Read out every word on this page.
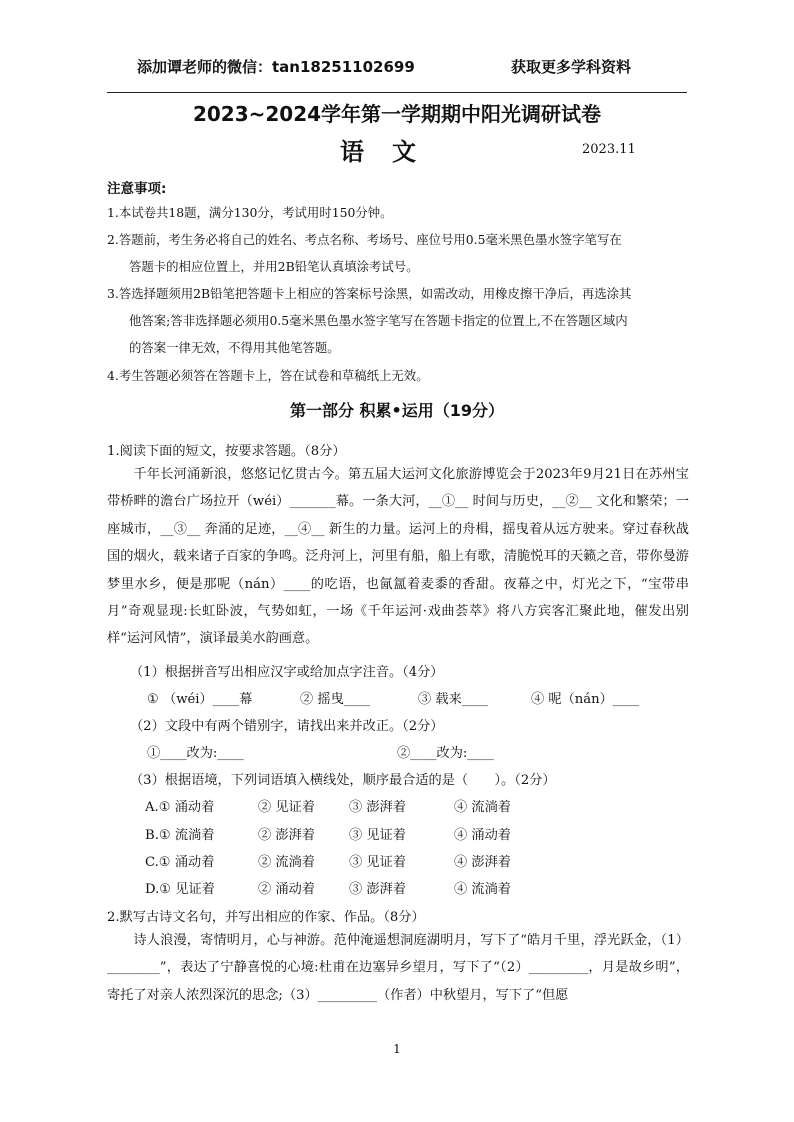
添加谭老师的微信：tan18251102699	获取更多学科资料
2023~2024学年第一学期期中阳光调研试卷
语文	2023.11
注意事项:
1.本试卷共18题，满分130分，考试用时150分钟。
2.答题前，考生务必将自己的姓名、考点名称、考场号、座位号用0.5毫米黑色墨水签字笔写在
答题卡的相应位置上，并用2B铅笔认真填涂考试号。
3.答选择题须用2B铅笔把答题卡上相应的答案标号涂黑，如需改动，用橡皮擦干净后，再选涂其
他答案;答非选择题必须用0.5毫米黑色墨水签字笔写在答题卡指定的位置上,不在答题区域内
的答案一律无效，不得用其他笔答题。
4.考生答题必须答在答题卡上，答在试卷和草稿纸上无效。
第一部分 积累•运用（19分）
1.阅读下面的短文，按要求答题。（8分）

千年长河涌新浪，悠悠记忆贯古今。第五届大运河文化旅游博览会于2023年9月21日在苏州宝带桥畔的澹台广场拉开（wéi）_______幕。一条大河，__①__ 时间与历史，__②__ 文化和繁荣；一座城市，__③__ 奔涌的足迹，__④__ 新生的力量。运河上的舟楫，摇曳着从远方驶来。穿过春秋战国的烟火，载来诸子百家的争鸣。泛舟河上，河里有船，船上有歌，清脆悦耳的天籁之音，带你曼游梦里水乡，便是那呢（nán）____的吃语，也氤氲着麦黍的香甜。夜幕之中，灯光之下，“宝带串月”奇观显现:长虹卧波，气势如虹，一场《千年运河·戏曲荟萃》将八方宾客汇聚此地，催发出别样“运河风情”，演译最美水韵画意。

（1）根据拼音写出相应汉字或给加点字注音。（4分）
① （wéi）____幕	② 摇曳____	③ 载来____	④ 呢（nán）____
（2）文段中有两个错别字，请找出来并改正。（2分）
①____改为:____	②____改为:____
（3）根据语境，下列词语填入横线处，顺序最合适的是（　　）。（2分）
A.① 涌动着	② 见证着	③ 澎湃着	④ 流淌着
B.① 流淌着	② 澎湃着	③ 见证着	④ 涌动着
C.① 涌动着	② 流淌着	③ 见证着	④ 澎湃着
D.① 见证着	② 涌动着	③ 澎湃着	④ 流淌着
2.默写古诗文名句，并写出相应的作家、作品。（8分）

诗人浪漫，寄情明月，心与神游。范仲淹遥想洞庭湖明月，写下了“皓月千里，浮光跃金，（1）________”，表达了宁静喜悦的心境:杜甫在边塞异乡望月，写下了“（2）_________，月是故乡明”，寄托了对亲人浓烈深沉的思念;（3）_________（作者）中秋望月，写下了“但愿

1
